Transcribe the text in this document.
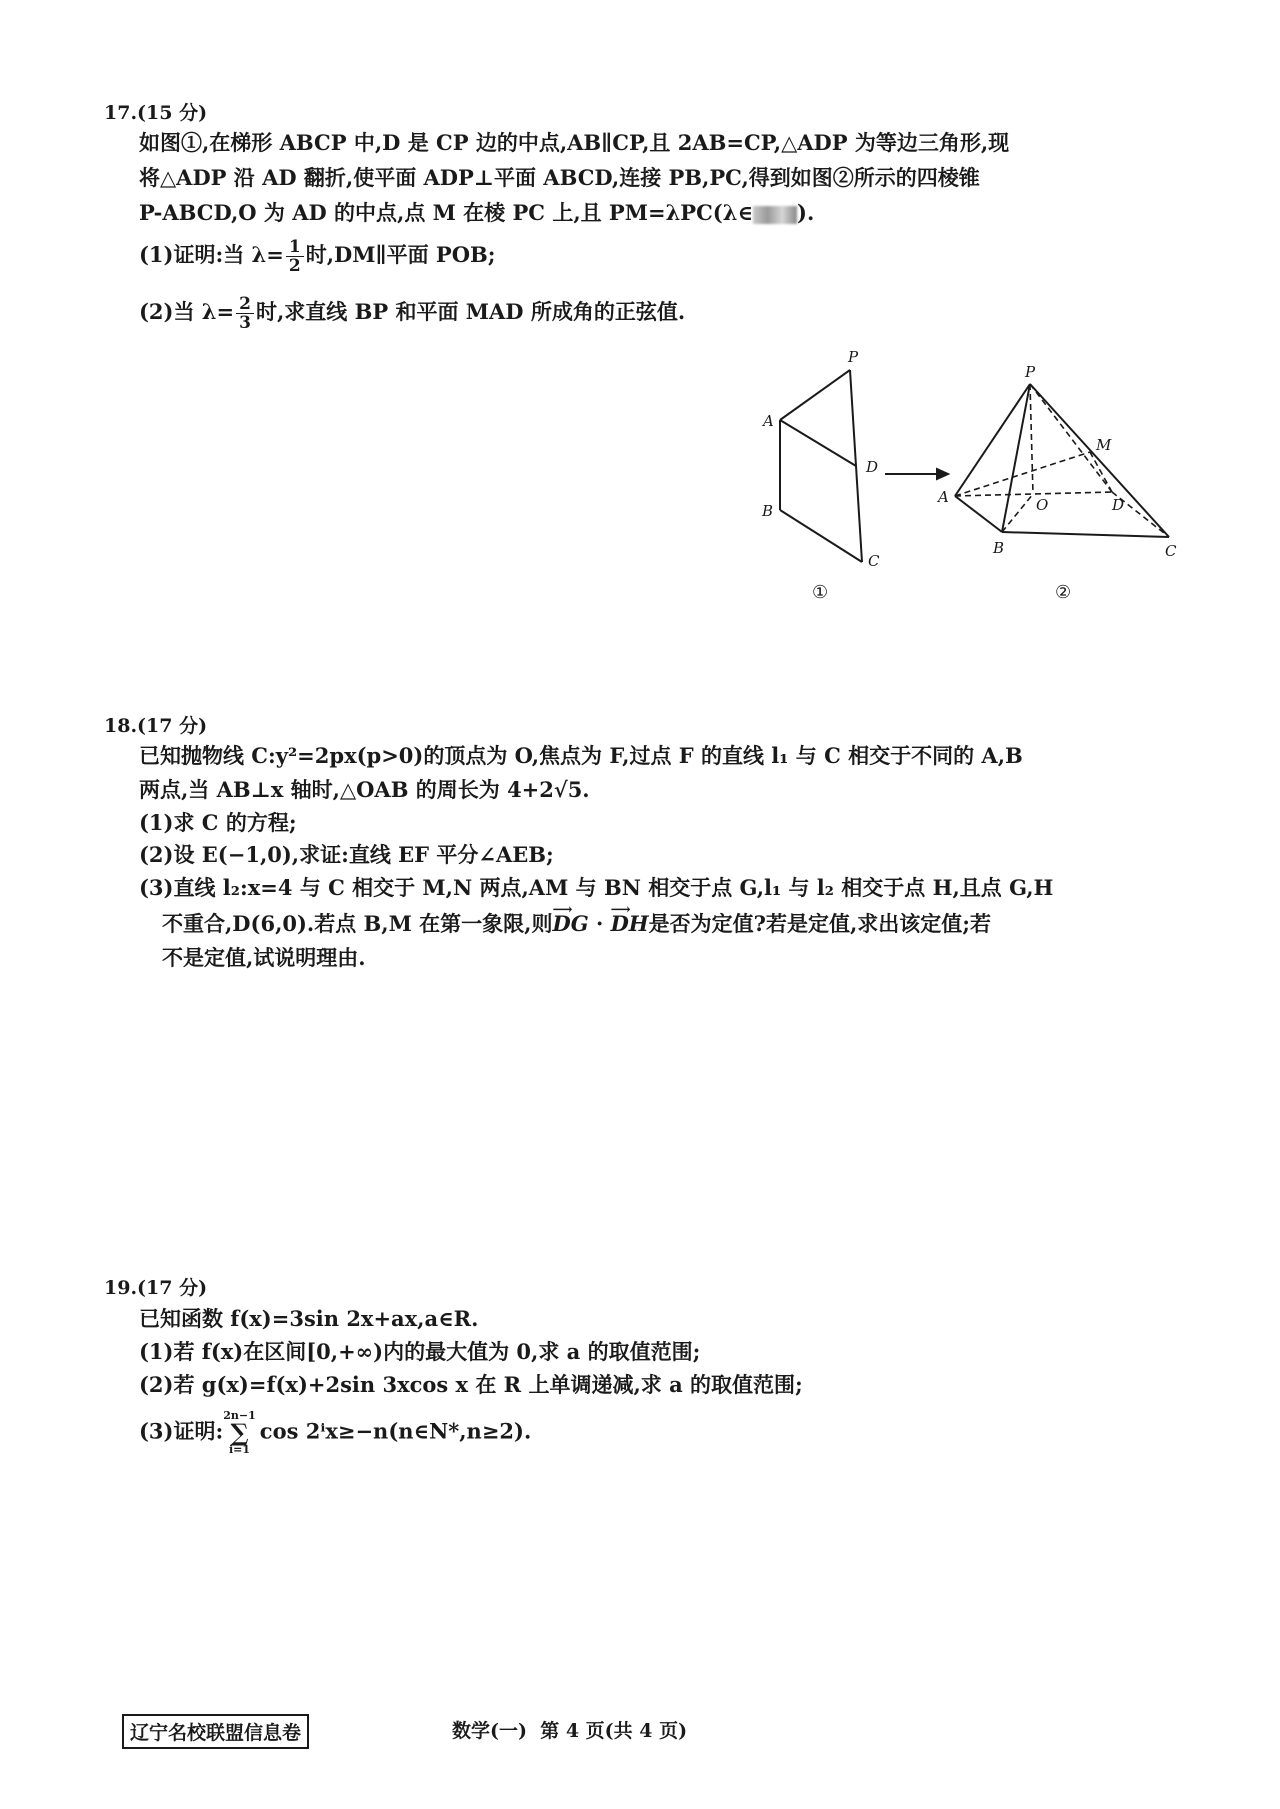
17.(15 分)
如图①,在梯形 ABCP 中,D 是 CP 边的中点,AB∥CP,且 2AB=CP,△ADP 为等边三角形,现
将△ADP 沿 AD 翻折,使平面 ADP⊥平面 ABCD,连接 PB,PC,得到如图②所示的四棱锥
P-ABCD,O 为 AD 的中点,点 M 在棱 PC 上,且 PM=λPC(λ∈ ).
(1)证明:当 $\lambda= \frac{1}{2}$ 时,DM∥平面 POB;
(2)当 $\lambda= \frac{2}{3}$ 时,求直线 BP 和平面 MAD 所成角的正弦值.
P
A
D
B
C
①
P
M
A	O	D
B	C
②
18.(17 分)
已知抛物线 C:y²=2px(p>0)的顶点为 O,焦点为 F,过点 F 的直线 l₁ 与 C 相交于不同的 A,B
两点,当 AB⊥x 轴时,△OAB 的周长为 4+2√5.
(1)求 C 的方程;
(2)设 E(−1,0),求证:直线 EF 平分∠AEB;
(3)直线 l₂:x=4 与 C 相交于 M,N 两点,AM 与 BN 相交于点 G,l₁ 与 l₂ 相交于点 H,且点 G,H
不重合,D(6,0).若点 B,M 在第一象限,则⟶ DG · ⟶ DH是否为定值?若是定值,求出该定值;若
不是定值,试说明理由.
19.(17 分)
已知函数 f(x)=3sin 2x+ax,a∈R.
(1)若 f(x)在区间[0,+∞)内的最大值为 0,求 a 的取值范围;
(2)若 g(x)=f(x)+2sin 3xcos x 在 R 上单调递减,求 a 的取值范围;
(3)证明:
2n−1
∑
i=1
cos 2ⁱx≥−n(n∈N*,n≥2).
辽宁名校联盟信息卷	数学(一)  第 4 页(共 4 页)
